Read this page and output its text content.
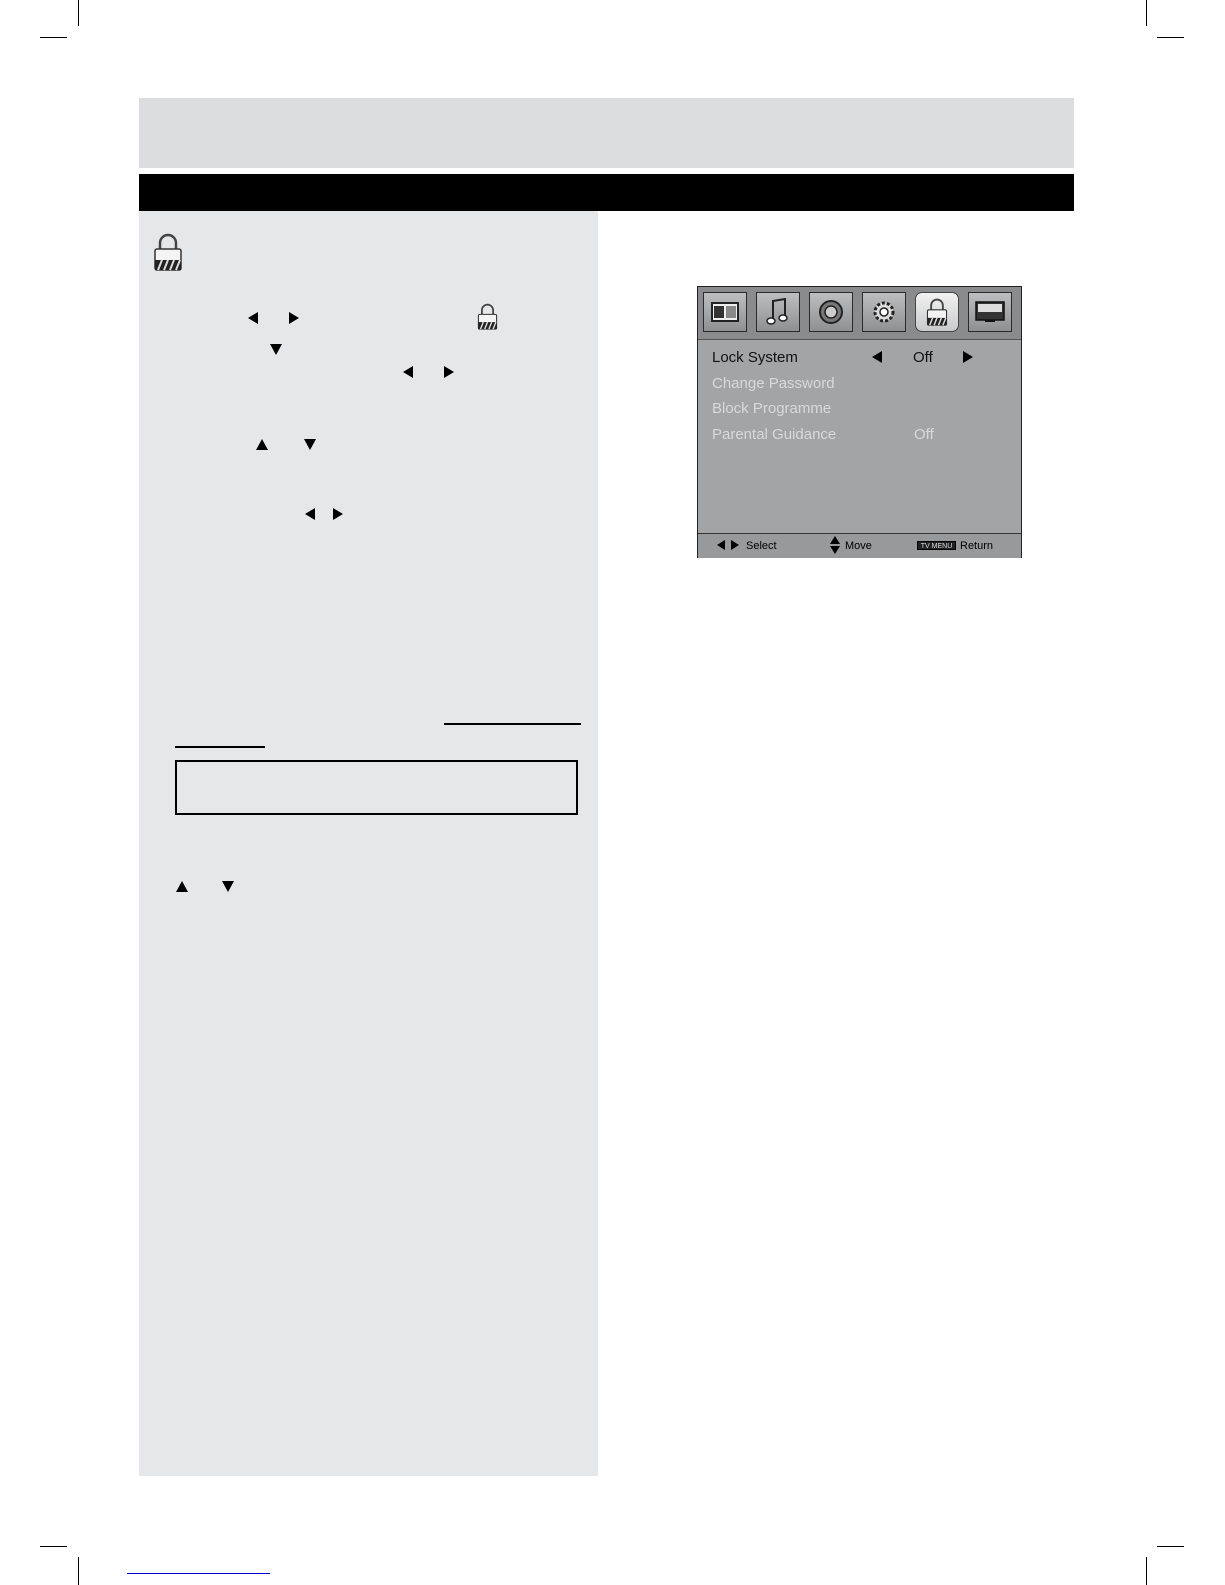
Lock System	Off
Change Password
Block Programme
Parental Guidance	Off
Select	Move	TV MENU Return
